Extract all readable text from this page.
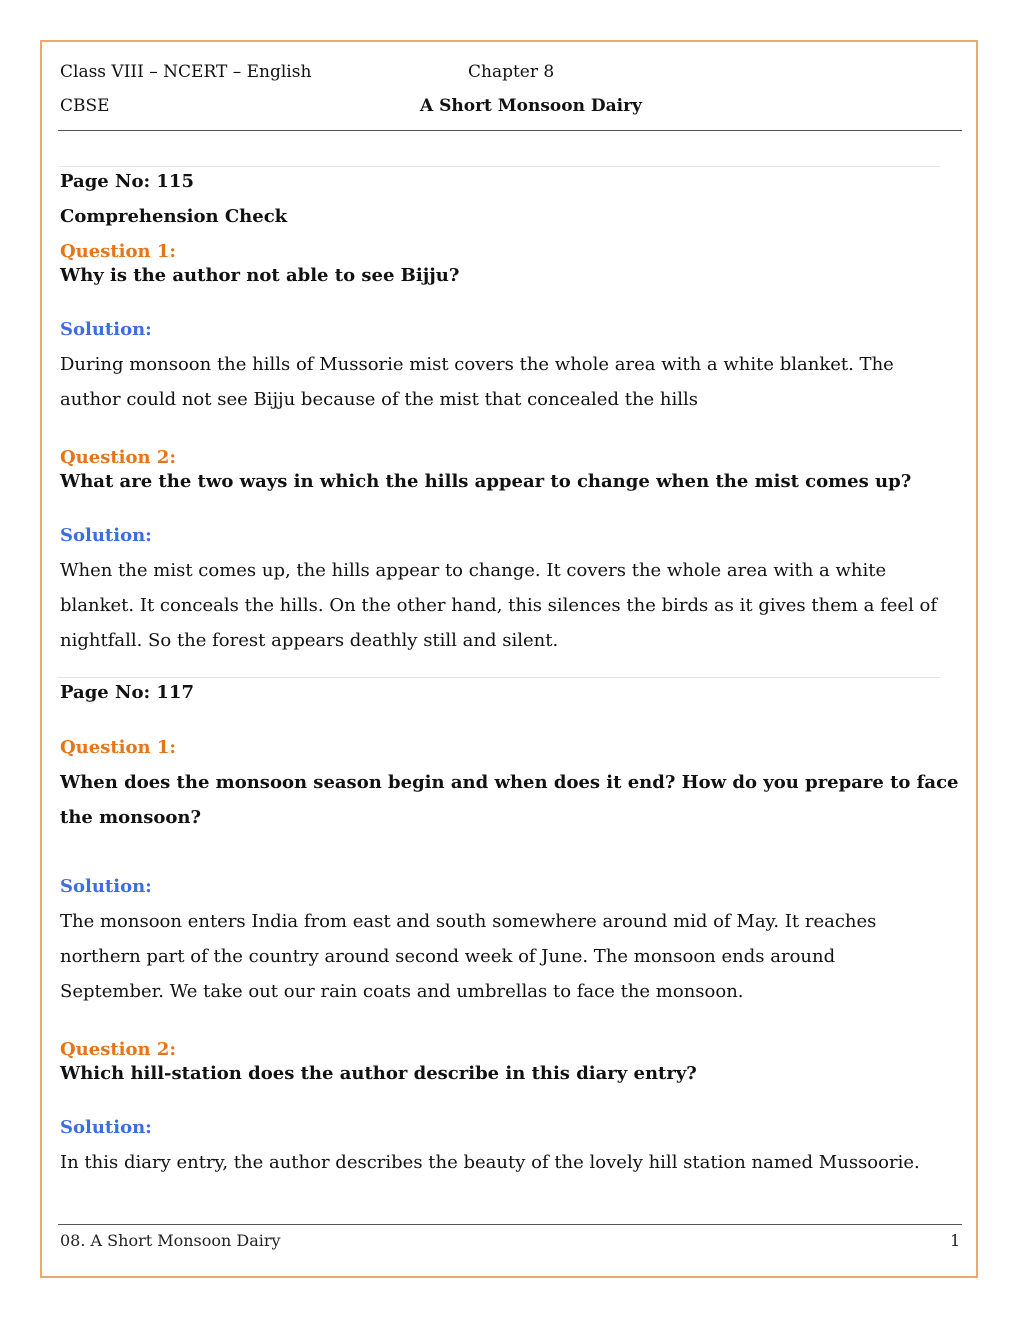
Class VIII – NCERT – English	Chapter 8
CBSE	A Short Monsoon Dairy
Page No: 115
Comprehension Check
Question 1:
Why is the author not able to see Bijju?
Solution:
During monsoon the hills of Mussorie mist covers the whole area with a white blanket. The
author could not see Bijju because of the mist that concealed the hills
Question 2:
What are the two ways in which the hills appear to change when the mist comes up?
Solution:
When the mist comes up, the hills appear to change. It covers the whole area with a white
blanket. It conceals the hills. On the other hand, this silences the birds as it gives them a feel of
nightfall. So the forest appears deathly still and silent.
Page No: 117
Question 1:
When does the monsoon season begin and when does it end? How do you prepare to face
the monsoon?
Solution:
The monsoon enters India from east and south somewhere around mid of May. It reaches
northern part of the country around second week of June. The monsoon ends around
September. We take out our rain coats and umbrellas to face the monsoon.
Question 2:
Which hill-station does the author describe in this diary entry?
Solution:
In this diary entry, the author describes the beauty of the lovely hill station named Mussoorie.
08. A Short Monsoon Dairy	1
